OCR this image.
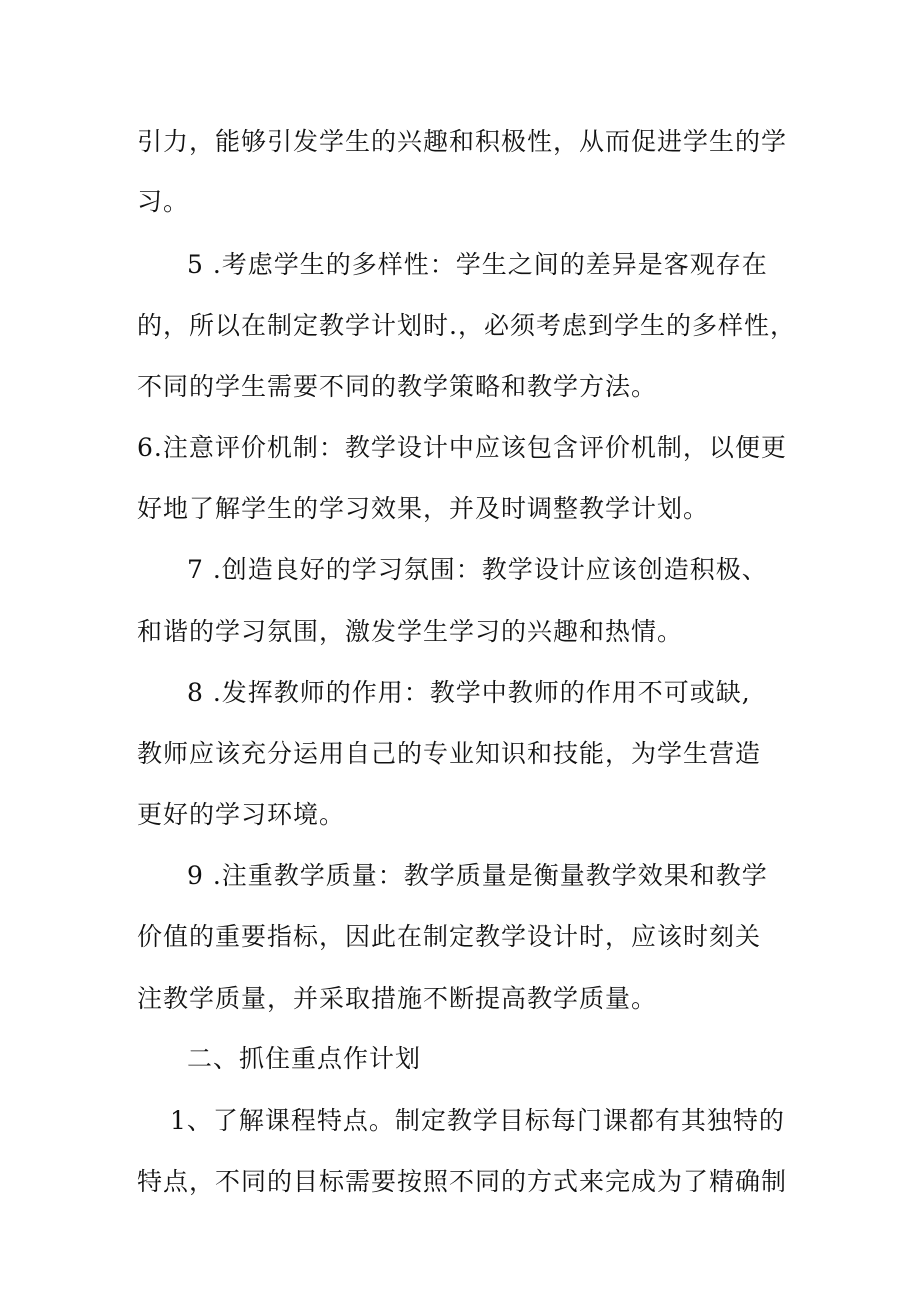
引力，能够引发学生的兴趣和积极性，从而促进学生的学
习。
5 .考虑学生的多样性：学生之间的差异是客观存在
的，所以在制定教学计划时.，必须考虑到学生的多样性，
不同的学生需要不同的教学策略和教学方法。
6.注意评价机制：教学设计中应该包含评价机制，以便更
好地了解学生的学习效果，并及时调整教学计划。
7 .创造良好的学习氛围：教学设计应该创造积极、
和谐的学习氛围，激发学生学习的兴趣和热情。
8 .发挥教师的作用：教学中教师的作用不可或缺,
教师应该充分运用自己的专业知识和技能，为学生营造
更好的学习环境。
9 .注重教学质量：教学质量是衡量教学效果和教学
价值的重要指标，因此在制定教学设计时，应该时刻关
注教学质量，并采取措施不断提高教学质量。
二、抓住重点作计划
1、了解课程特点。制定教学目标每门课都有其独特的
特点，不同的目标需要按照不同的方式来完成为了精确制
